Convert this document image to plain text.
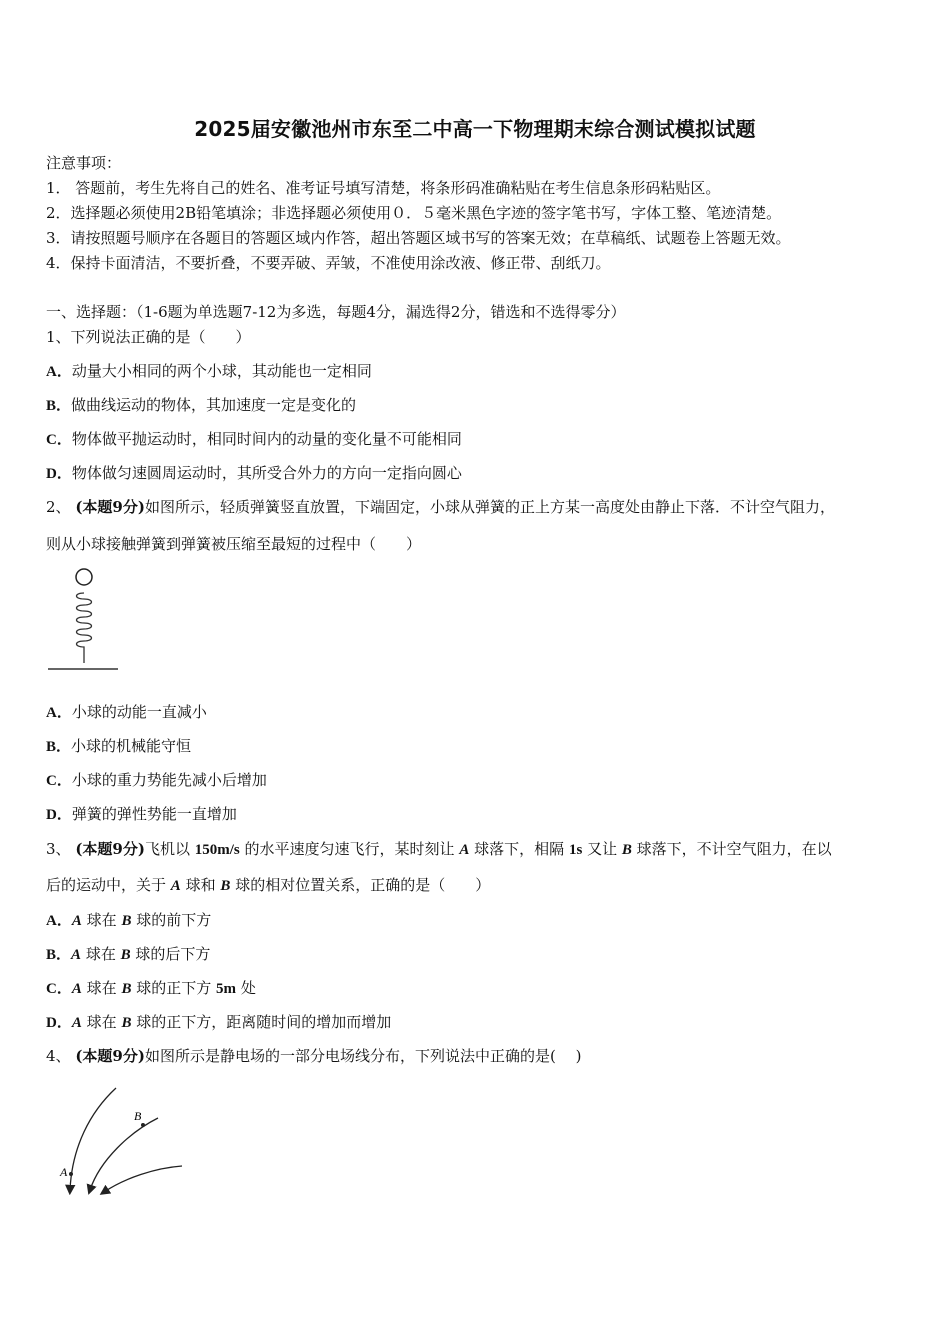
2025届安徽池州市东至二中高一下物理期末综合测试模拟试题
注意事项：
1． 答题前，考生先将自己的姓名、准考证号填写清楚，将条形码准确粘贴在考生信息条形码粘贴区。
2．选择题必须使用2B铅笔填涂；非选择题必须使用０．５毫米黑色字迹的签字笔书写，字体工整、笔迹清楚。
3．请按照题号顺序在各题目的答题区域内作答，超出答题区域书写的答案无效；在草稿纸、试题卷上答题无效。
4．保持卡面清洁，不要折叠，不要弄破、弄皱，不准使用涂改液、修正带、刮纸刀。
一、选择题：（1-6题为单选题7-12为多选，每题4分，漏选得2分，错选和不选得零分）
1、下列说法正确的是（　　）
A．动量大小相同的两个小球，其动能也一定相同
B．做曲线运动的物体，其加速度一定是变化的
C．物体做平抛运动时，相同时间内的动量的变化量不可能相同
D．物体做匀速圆周运动时，其所受合外力的方向一定指向圆心
2、 (本题9分)如图所示，轻质弹簧竖直放置，下端固定，小球从弹簧的正上方某一高度处由静止下落．不计空气阻力，
则从小球接触弹簧到弹簧被压缩至最短的过程中（　　）
A．小球的动能一直减小
B．小球的机械能守恒
C．小球的重力势能先减小后增加
D．弹簧的弹性势能一直增加
3、 (本题9分)飞机以 150m/s 的水平速度匀速飞行，某时刻让 A 球落下，相隔 1s 又让 B 球落下，不计空气阻力，在以
后的运动中，关于 A 球和 B 球的相对位置关系，正确的是（　　）
A．A 球在 B 球的前下方
B．A 球在 B 球的后下方
C．A 球在 B 球的正下方 5m 处
D．A 球在 B 球的正下方，距离随时间的增加而增加
4、 (本题9分)如图所示是静电场的一部分电场线分布，下列说法中正确的是(　 )
A
B
